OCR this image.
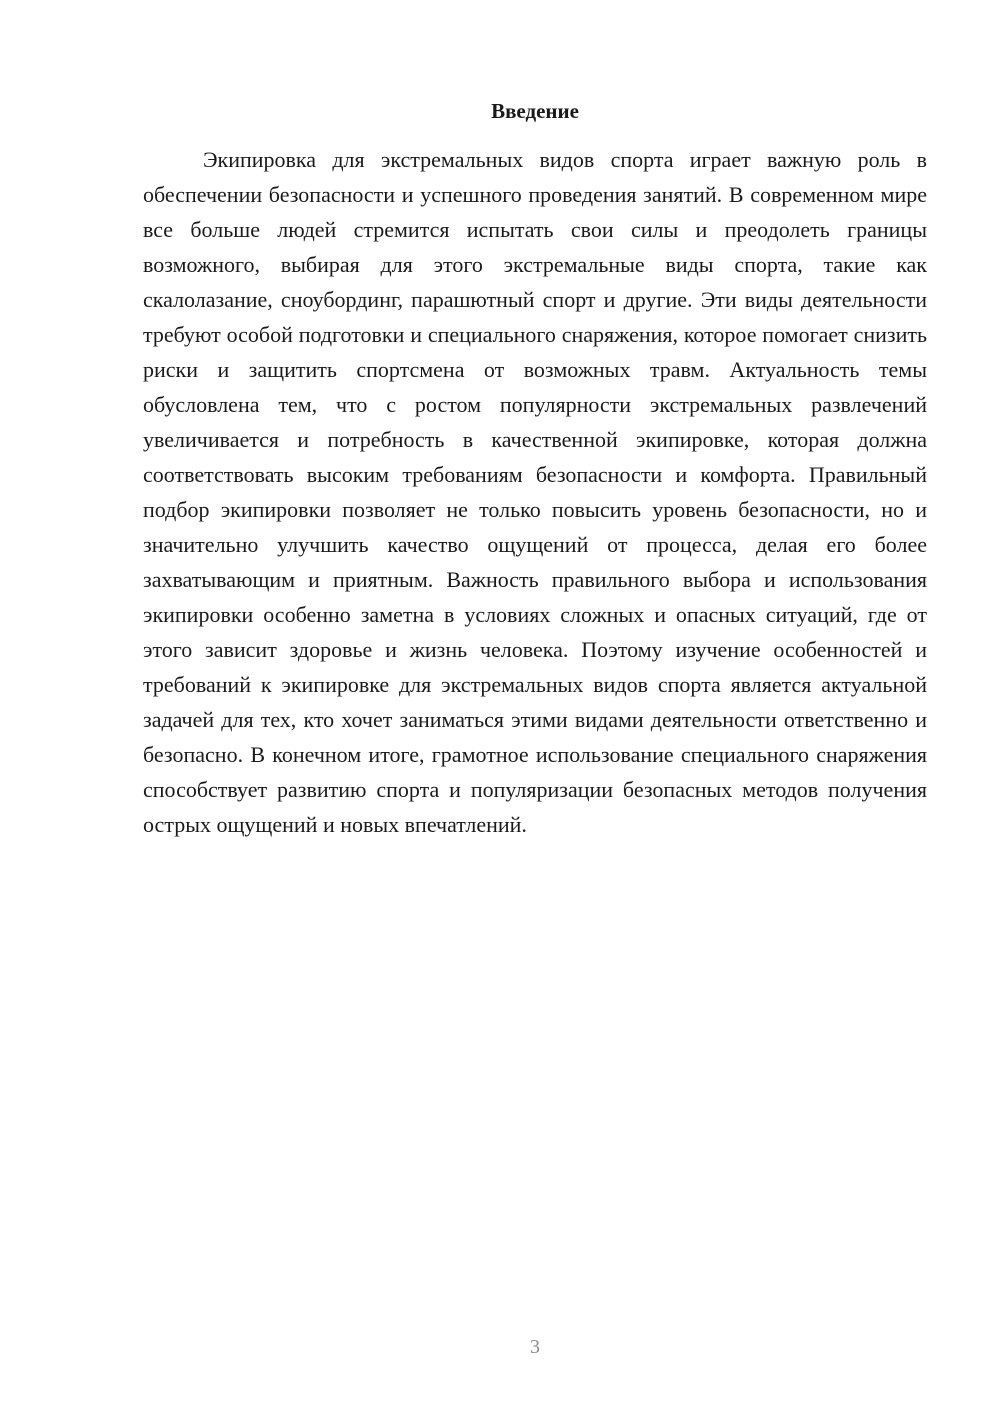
Введение

Экипировка для экстремальных видов спорта играет важную роль в обеспечении безопасности и успешного проведения занятий. В современном мире все больше людей стремится испытать свои силы и преодолеть границы возможного, выбирая для этого экстремальные виды спорта, такие как скалолазание, сноубординг, парашютный спорт и другие. Эти виды деятельности требуют особой подготовки и специального снаряжения, которое помогает снизить риски и защитить спортсмена от возможных травм. Актуальность темы обусловлена тем, что с ростом популярности экстремальных развлечений увеличивается и потребность в качественной экипировке, которая должна соответствовать высоким требованиям безопасности и комфорта. Правильный подбор экипировки позволяет не только повысить уровень безопасности, но и значительно улучшить качество ощущений от процесса, делая его более захватывающим и приятным. Важность правильного выбора и использования экипировки особенно заметна в условиях сложных и опасных ситуаций, где от этого зависит здоровье и жизнь человека. Поэтому изучение особенностей и требований к экипировке для экстремальных видов спорта является актуальной задачей для тех, кто хочет заниматься этими видами деятельности ответственно и безопасно. В конечном итоге, грамотное использование специального снаряжения способствует развитию спорта и популяризации безопасных методов получения острых ощущений и новых впечатлений.

3
